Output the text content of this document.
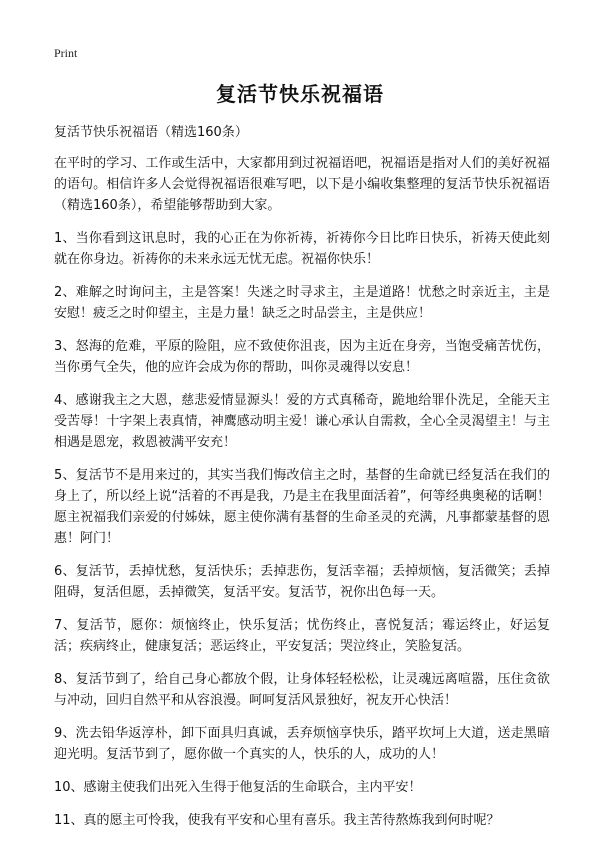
Print
复活节快乐祝福语

复活节快乐祝福语（精选160条）

在平时的学习、工作或生活中，大家都用到过祝福语吧，祝福语是指对人们的美好祝福的语句。相信许多人会觉得祝福语很难写吧，以下是小编收集整理的复活节快乐祝福语（精选160条），希望能够帮助到大家。

1、当你看到这讯息时，我的心正在为你祈祷，祈祷你今日比昨日快乐，祈祷天使此刻就在你身边。祈祷你的未来永远无忧无虑。祝福你快乐！

2、难解之时询问主，主是答案！失迷之时寻求主，主是道路！忧愁之时亲近主，主是安慰！疲乏之时仰望主，主是力量！缺乏之时品尝主，主是供应！

3、怒海的危难，平原的险阻，应不致使你沮丧，因为主近在身旁，当饱受痛苦忧伤，当你勇气全失，他的应许会成为你的帮助，叫你灵魂得以安息！

4、感谢我主之大恩，慈悲爱情显源头！爱的方式真稀奇，跪地给罪仆洗足，全能天主受苦辱！十字架上表真情，神鹰感动明主爱！谦心承认自需救，全心全灵渴望主！与主相遇是恩宠，救恩被满平安充！

5、复活节不是用来过的，其实当我们悔改信主之时，基督的生命就已经复活在我们的身上了，所以经上说“活着的不再是我，乃是主在我里面活着”，何等经典奥秘的话啊！愿主祝福我们亲爱的付姊妹，愿主使你满有基督的生命圣灵的充满，凡事都蒙基督的恩惠！阿门！

6、复活节，丢掉忧愁，复活快乐；丢掉悲伤，复活幸福；丢掉烦恼，复活微笑；丢掉阻碍，复活但愿，丢掉微笑，复活平安。复活节，祝你出色每一天。

7、复活节，愿你：烦恼终止，快乐复活；忧伤终止，喜悦复活；霉运终止，好运复活；疾病终止，健康复活；恶运终止，平安复活；哭泣终止，笑脸复活。

8、复活节到了，给自己身心都放个假，让身体轻轻松松，让灵魂远离喧嚣，压住贪欲与冲动，回归自然平和从容浪漫。呵呵复活风景独好，祝友开心快活！

9、洗去铅华返淳朴，卸下面具归真诚，丢弃烦恼享快乐，踏平坎坷上大道，送走黑暗迎光明。复活节到了，愿你做一个真实的人，快乐的人，成功的人！

10、感谢主使我们出死入生得于他复活的生命联合，主内平安！

11、真的愿主可怜我，使我有平安和心里有喜乐。我主苦待熬炼我到何时呢？
